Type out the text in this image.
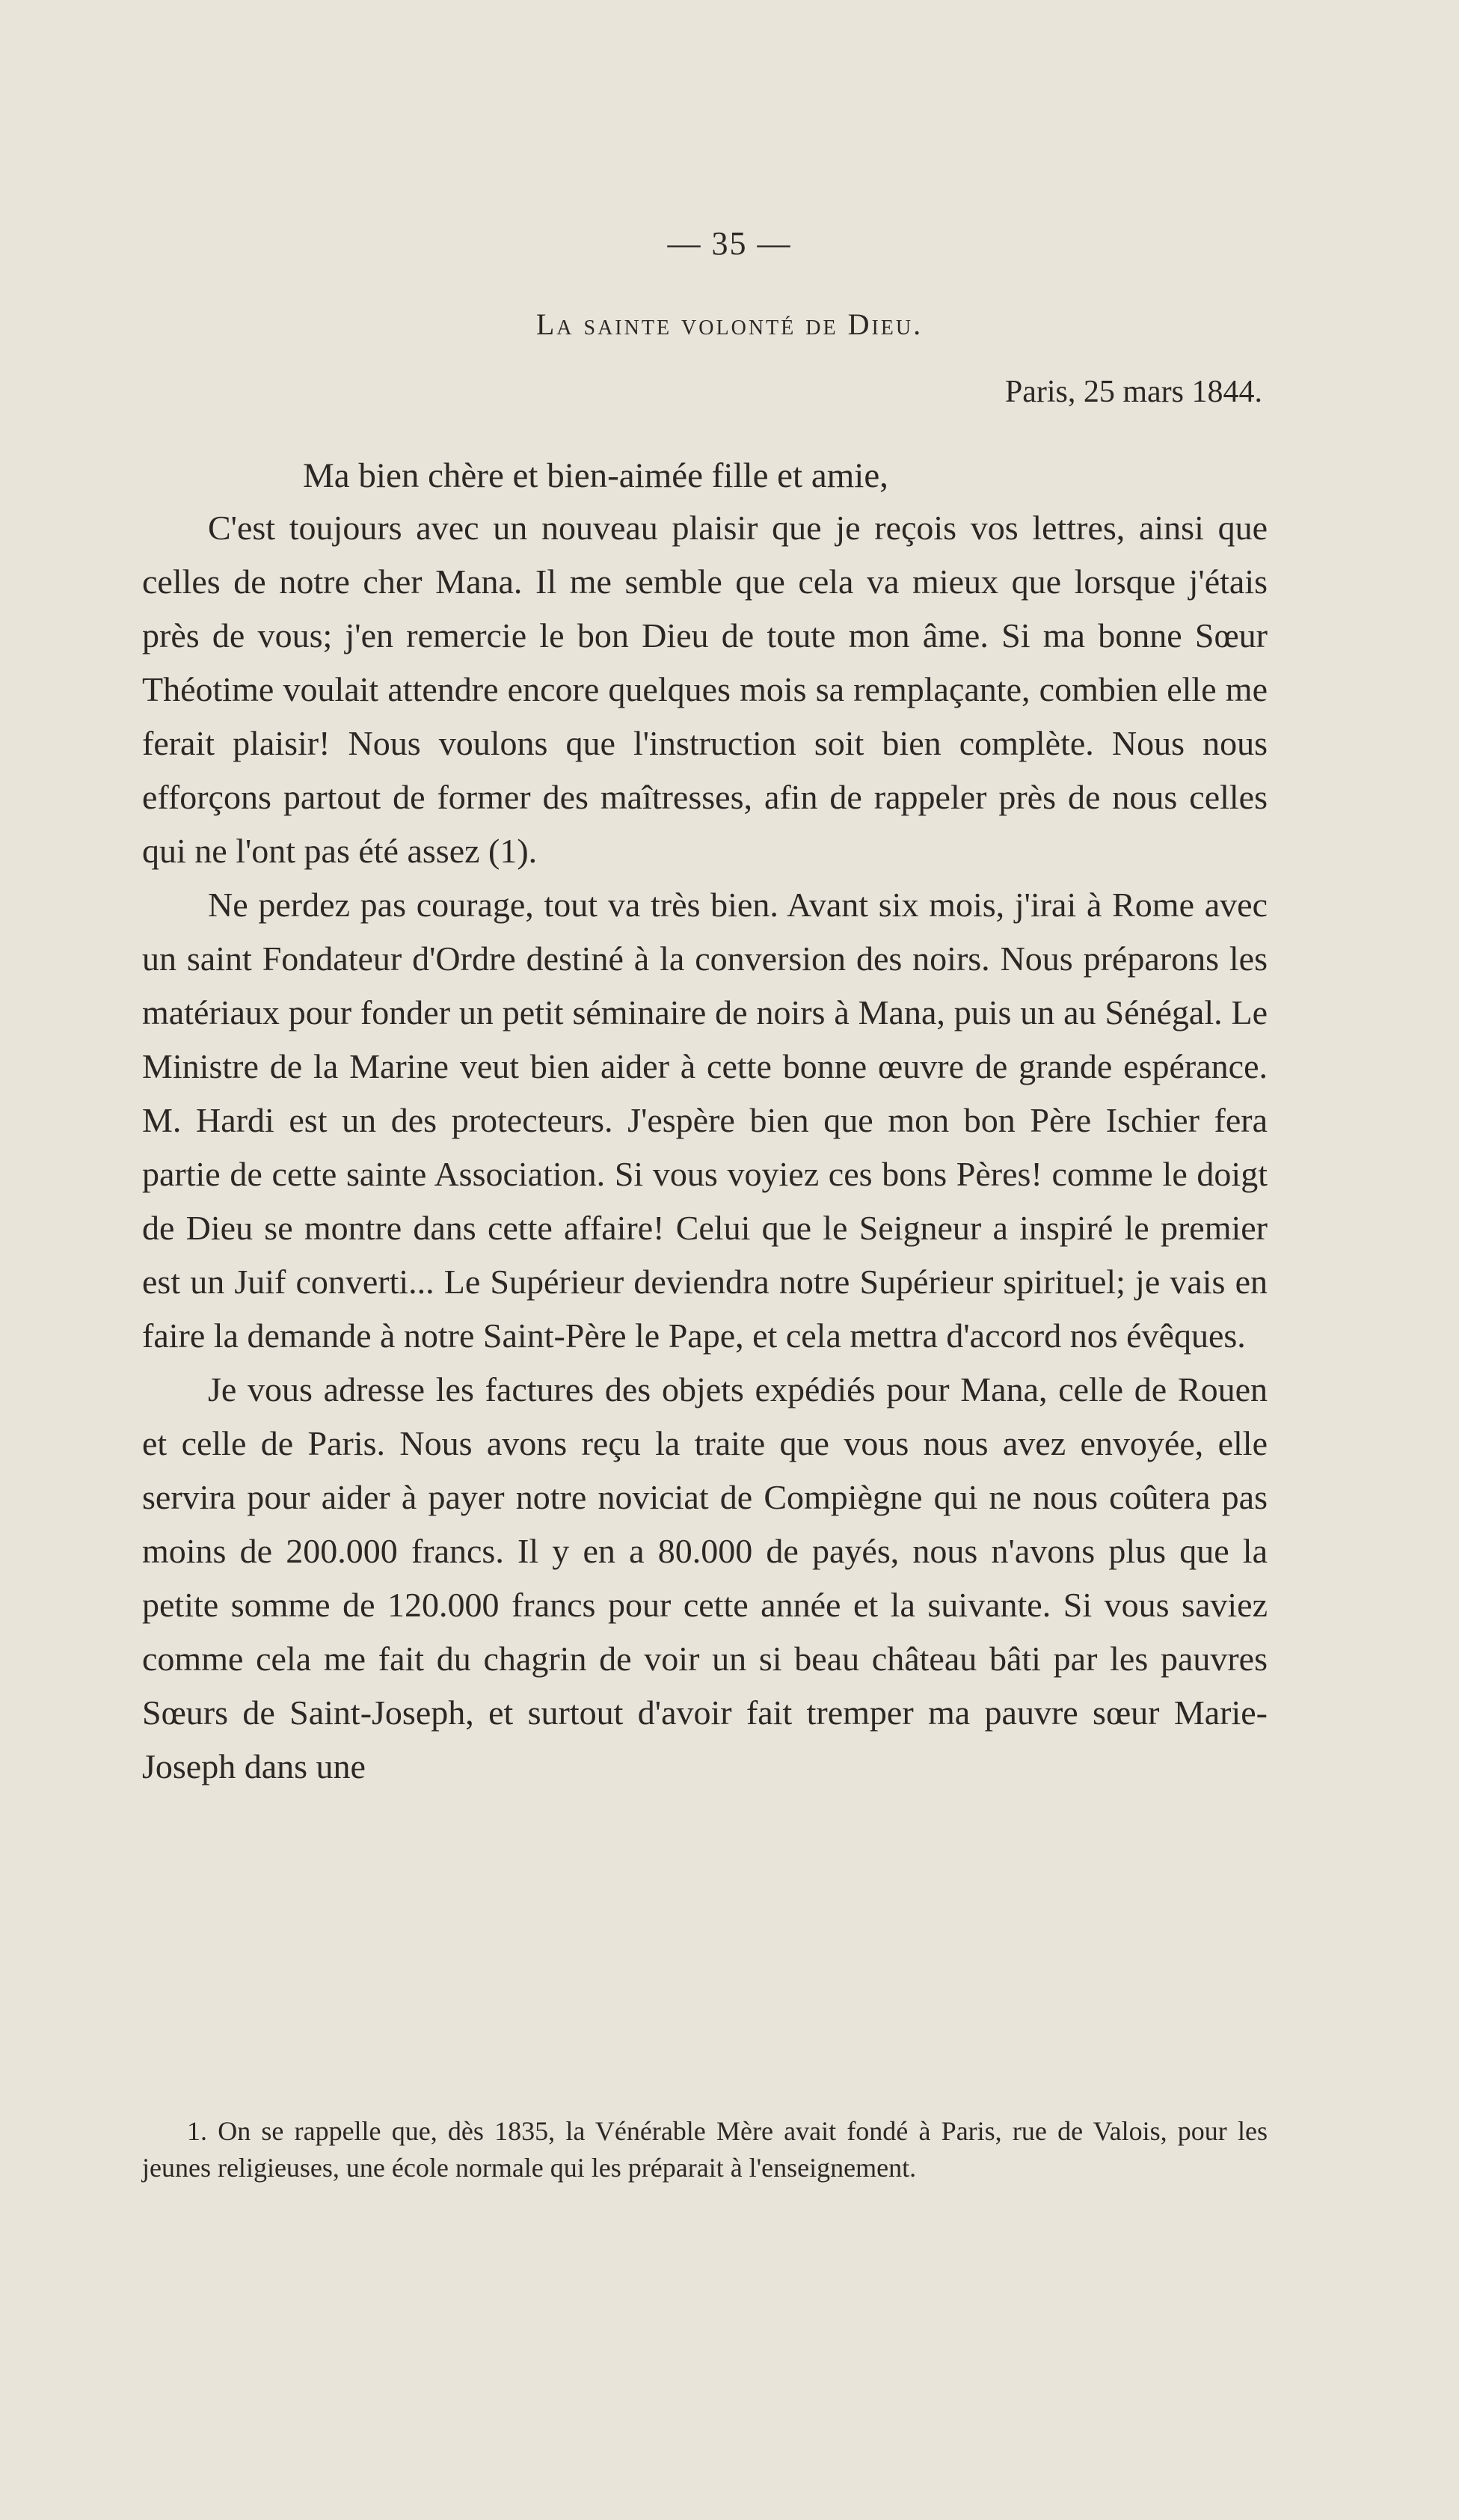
— 35 —
La sainte volonté de Dieu.
Paris, 25 mars 1844.
Ma bien chère et bien-aimée fille et amie,

C'est toujours avec un nouveau plaisir que je reçois vos lettres, ainsi que celles de notre cher Mana. Il me semble que cela va mieux que lorsque j'étais près de vous; j'en remercie le bon Dieu de toute mon âme. Si ma bonne Sœur Théotime voulait attendre encore quelques mois sa remplaçante, combien elle me ferait plaisir! Nous voulons que l'instruction soit bien complète. Nous nous efforçons partout de former des maîtresses, afin de rappeler près de nous celles qui ne l'ont pas été assez (1).

Ne perdez pas courage, tout va très bien. Avant six mois, j'irai à Rome avec un saint Fondateur d'Ordre destiné à la conversion des noirs. Nous préparons les matériaux pour fonder un petit séminaire de noirs à Mana, puis un au Sénégal. Le Ministre de la Marine veut bien aider à cette bonne œuvre de grande espérance. M. Hardi est un des protecteurs. J'espère bien que mon bon Père Ischier fera partie de cette sainte Association. Si vous voyiez ces bons Pères! comme le doigt de Dieu se montre dans cette affaire! Celui que le Seigneur a inspiré le premier est un Juif converti... Le Supérieur deviendra notre Supérieur spirituel; je vais en faire la demande à notre Saint-Père le Pape, et cela mettra d'accord nos évêques.

Je vous adresse les factures des objets expédiés pour Mana, celle de Rouen et celle de Paris. Nous avons reçu la traite que vous nous avez envoyée, elle servira pour aider à payer notre noviciat de Compiègne qui ne nous coûtera pas moins de 200.000 francs. Il y en a 80.000 de payés, nous n'avons plus que la petite somme de 120.000 francs pour cette année et la suivante. Si vous saviez comme cela me fait du chagrin de voir un si beau château bâti par les pauvres Sœurs de Saint-Joseph, et surtout d'avoir fait tremper ma pauvre sœur Marie-Joseph dans une

1. On se rappelle que, dès 1835, la Vénérable Mère avait fondé à Paris, rue de Valois, pour les jeunes religieuses, une école normale qui les préparait à l'enseignement.
